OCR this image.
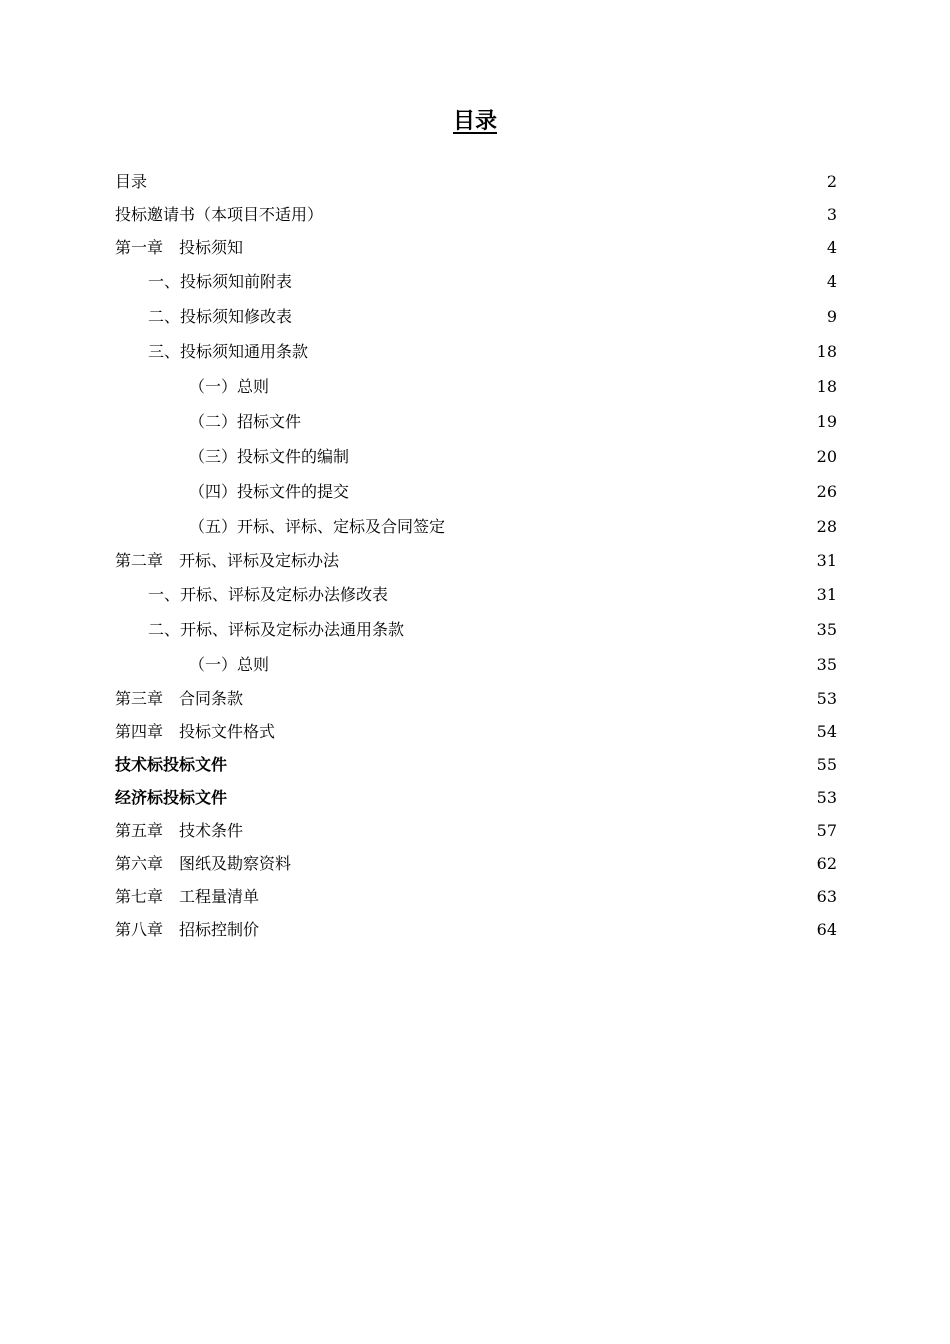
目录
目录 . . .	2
投标邀请书（本项目不适用） . . .	3
第一章　投标须知 . . .	4
一、投标须知前附表 .....	4
二、投标须知修改表 .....	9
三、投标须知通用条款 .....	18
（一）总则 .....	18
（二）招标文件 .....	19
（三）投标文件的编制 .....	20
（四）投标文件的提交 .....	26
（五）开标、评标、定标及合同签定 .....	28
第二章　开标、评标及定标办法 . . .	31
一、开标、评标及定标办法修改表 .....	31
二、开标、评标及定标办法通用条款 .....	35
（一）总则 .....	35
第三章　合同条款 . . .	53
第四章　投标文件格式 . . .	54
技术标投标文件 . . .	55
经济标投标文件 . . .	53
第五章　技术条件 . . .	57
第六章　图纸及勘察资料 . . .	62
第七章　工程量清单 . . .	63
第八章　招标控制价 . . .	64
